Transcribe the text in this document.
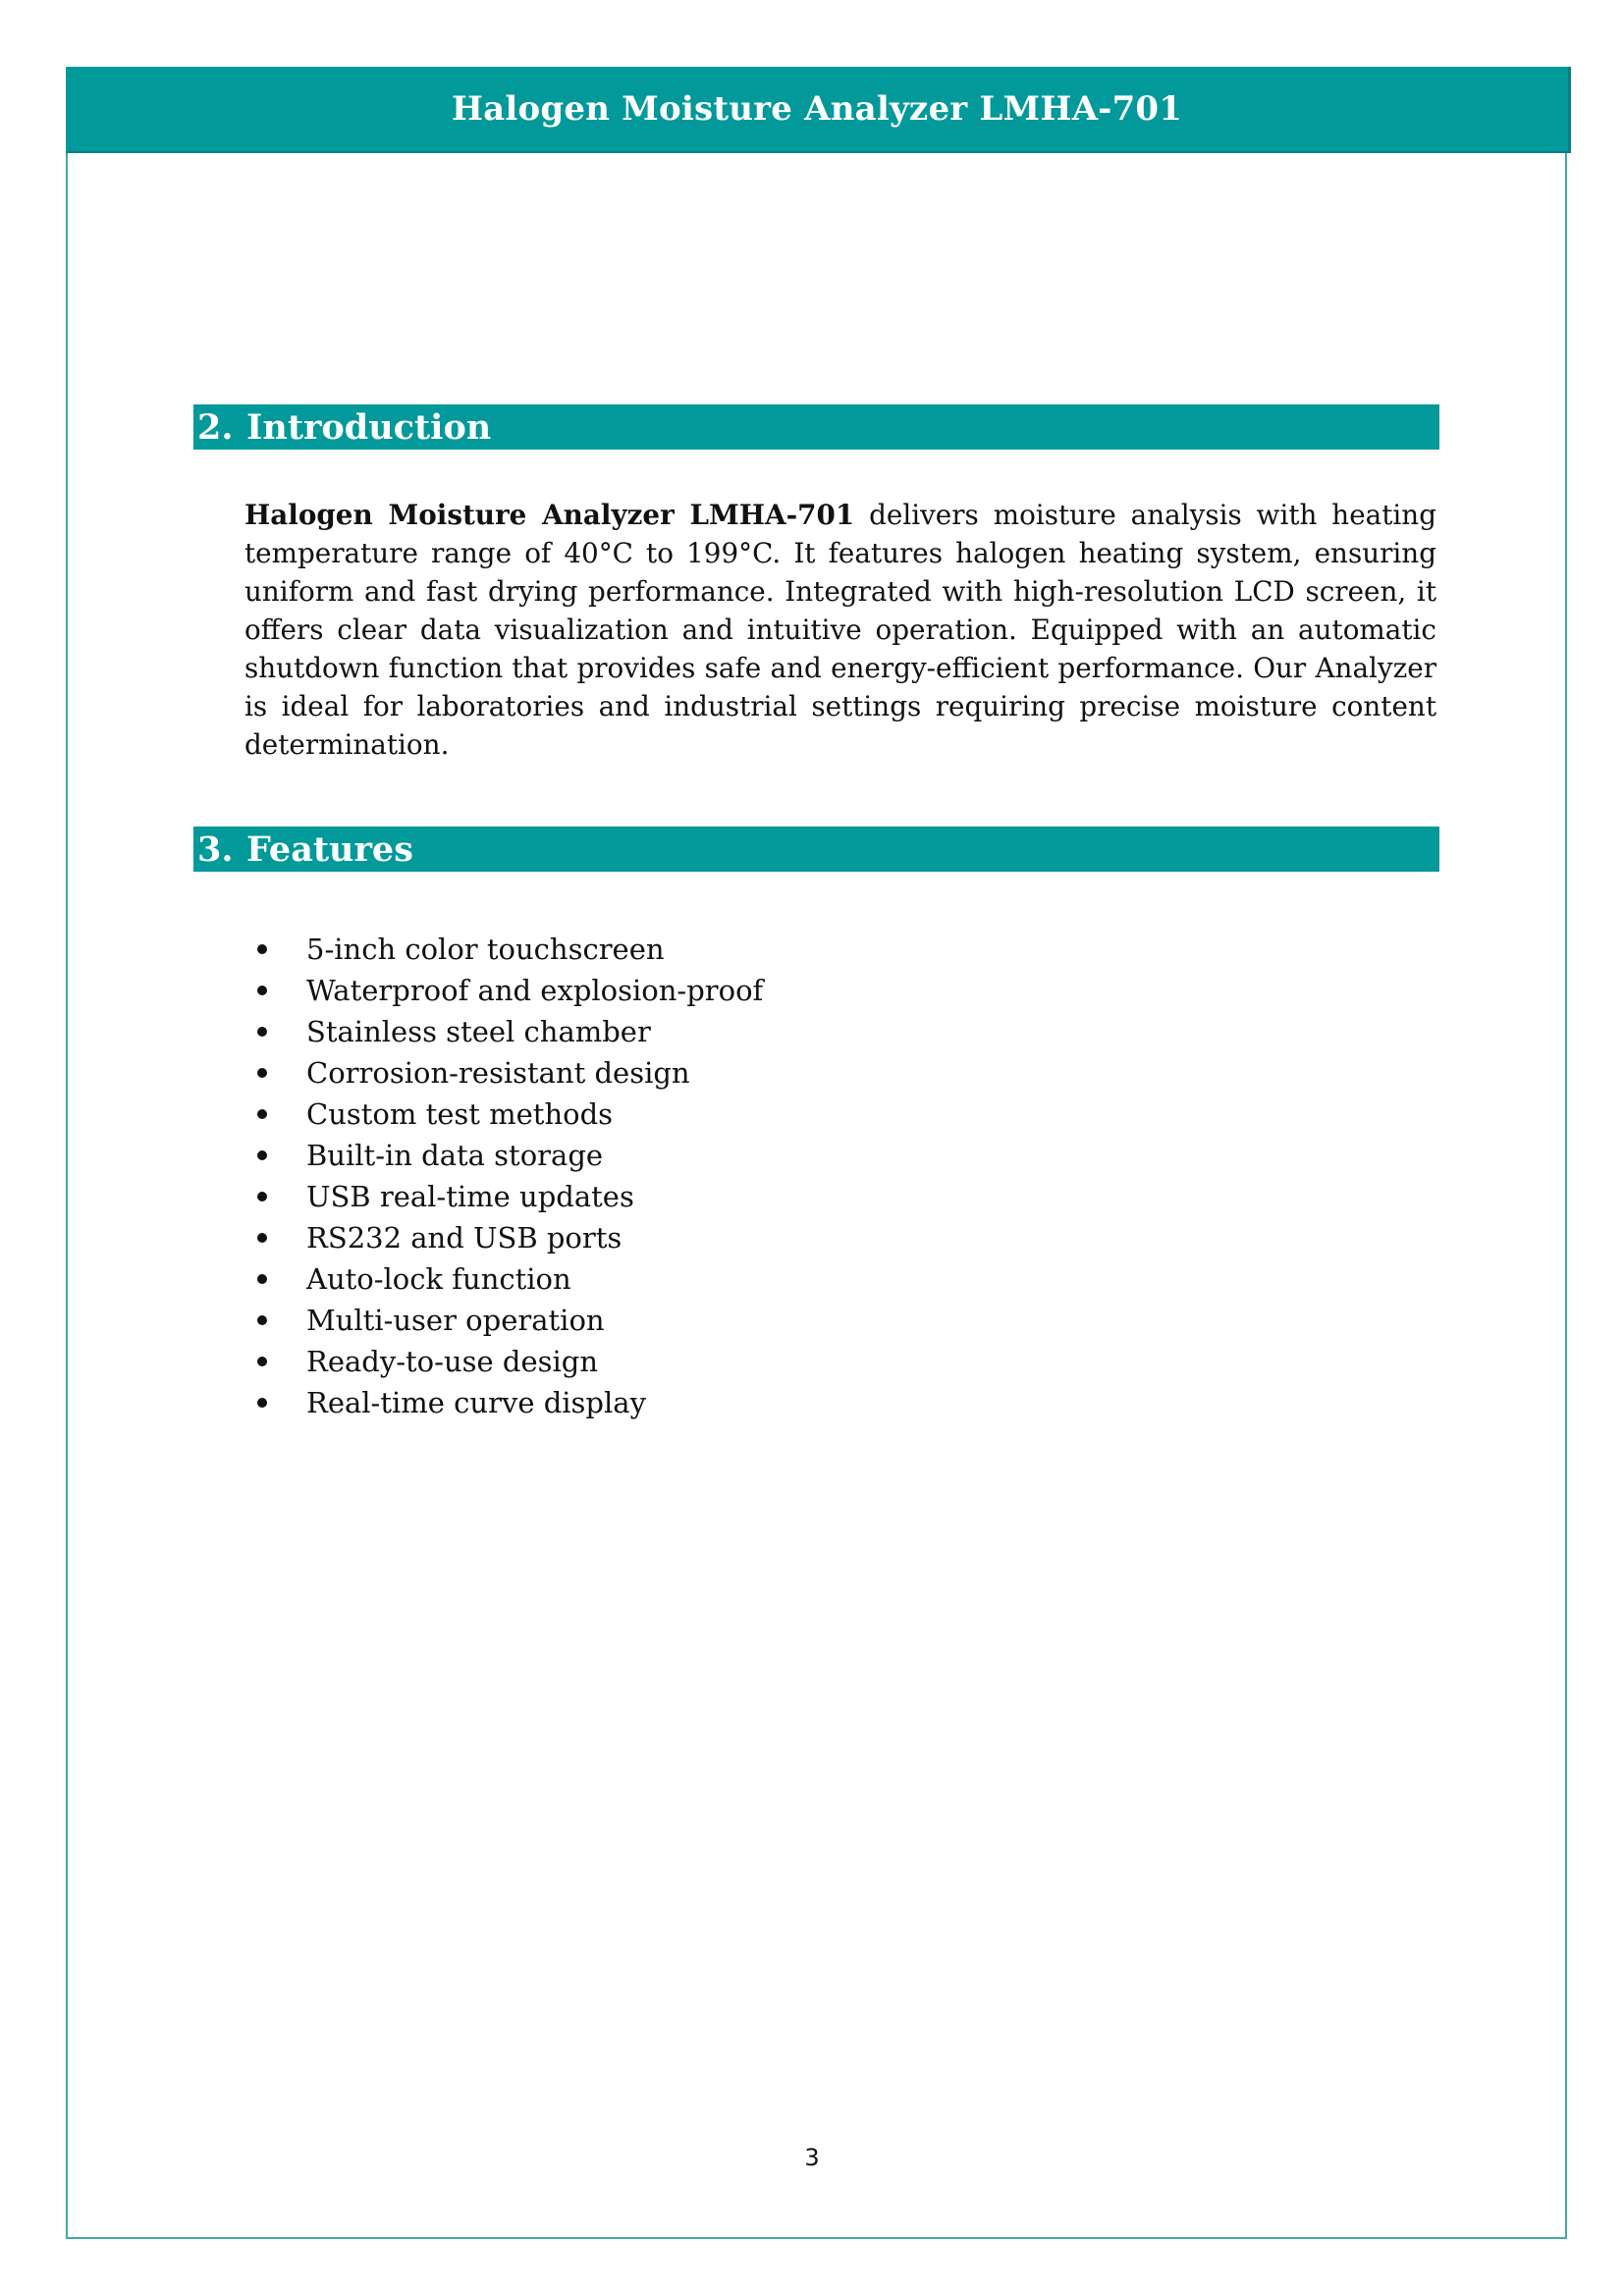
Halogen Moisture Analyzer LMHA-701
2. Introduction

Halogen Moisture Analyzer LMHA-701 delivers moisture analysis with heating temperature range of 40°C to 199°C. It features halogen heating system, ensuring uniform and fast drying performance. Integrated with high-resolution LCD screen, it offers clear data visualization and intuitive operation. Equipped with an automatic shutdown function that provides safe and energy-efficient performance. Our Analyzer is ideal for laboratories and industrial settings requiring precise moisture content determination.

3. Features
5-inch color touchscreen
Waterproof and explosion-proof
Stainless steel chamber
Corrosion-resistant design
Custom test methods
Built-in data storage
USB real-time updates
RS232 and USB ports
Auto-lock function
Multi-user operation
Ready-to-use design
Real-time curve display
3
